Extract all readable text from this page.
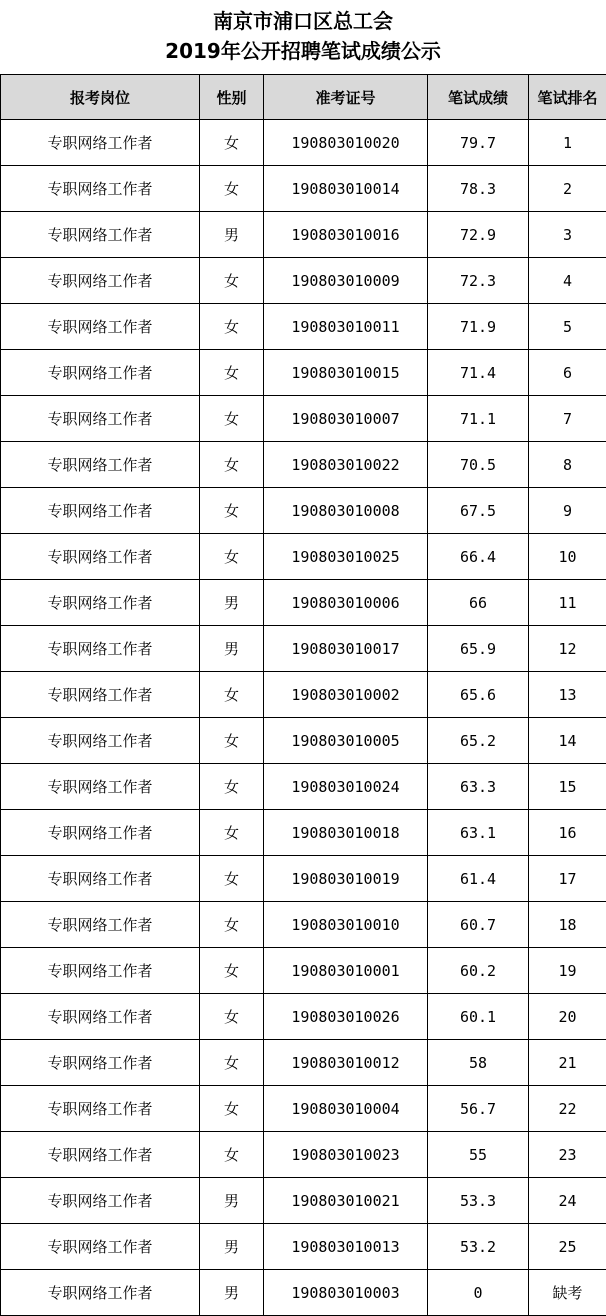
南京市浦口区总工会
2019年公开招聘笔试成绩公示
报考岗位	性别	准考证号	笔试成绩	笔试排名
专职网络工作者	女	190803010020	79.7	1
专职网络工作者	女	190803010014	78.3	2
专职网络工作者	男	190803010016	72.9	3
专职网络工作者	女	190803010009	72.3	4
专职网络工作者	女	190803010011	71.9	5
专职网络工作者	女	190803010015	71.4	6
专职网络工作者	女	190803010007	71.1	7
专职网络工作者	女	190803010022	70.5	8
专职网络工作者	女	190803010008	67.5	9
专职网络工作者	女	190803010025	66.4	10
专职网络工作者	男	190803010006	66	11
专职网络工作者	男	190803010017	65.9	12
专职网络工作者	女	190803010002	65.6	13
专职网络工作者	女	190803010005	65.2	14
专职网络工作者	女	190803010024	63.3	15
专职网络工作者	女	190803010018	63.1	16
专职网络工作者	女	190803010019	61.4	17
专职网络工作者	女	190803010010	60.7	18
专职网络工作者	女	190803010001	60.2	19
专职网络工作者	女	190803010026	60.1	20
专职网络工作者	女	190803010012	58	21
专职网络工作者	女	190803010004	56.7	22
专职网络工作者	女	190803010023	55	23
专职网络工作者	男	190803010021	53.3	24
专职网络工作者	男	190803010013	53.2	25
专职网络工作者	男	190803010003	0	缺考
